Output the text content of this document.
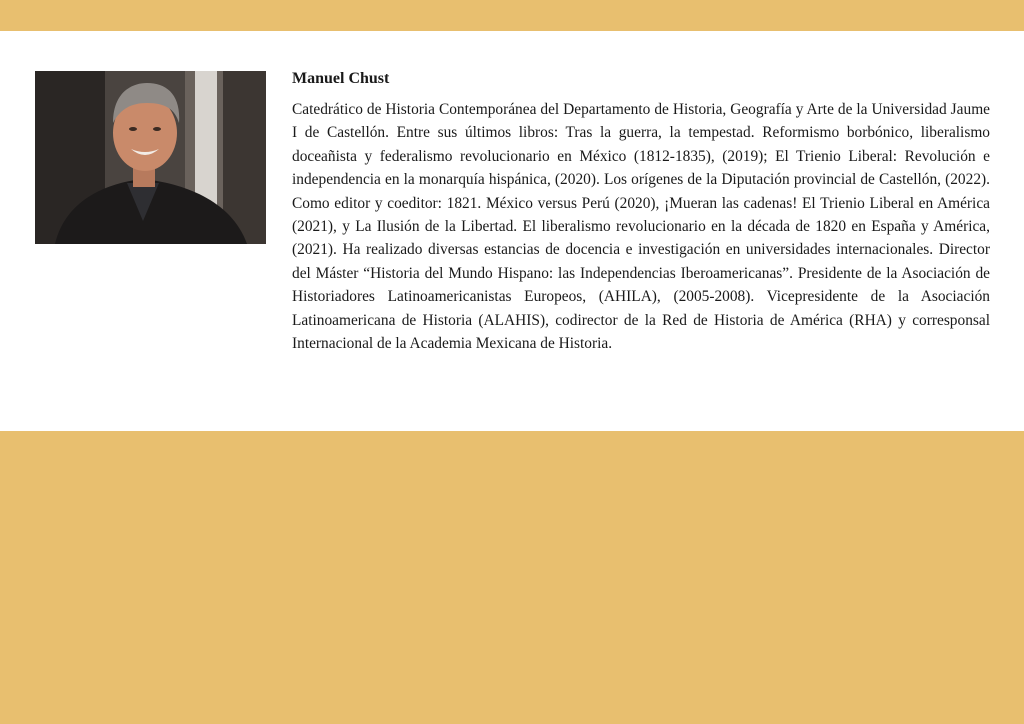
Manuel Chust

Catedrático de Historia Contemporánea del Departamento de Historia, Geografía y Arte de la Universidad Jaume I de Castellón. Entre sus últimos libros: Tras la guerra, la tempestad. Reformismo borbónico, liberalismo doceañista y federalismo revolucionario en México (1812-1835), (2019); El Trienio Liberal: Revolución e independencia en la monarquía hispánica, (2020). Los orígenes de la Diputación provincial de Castellón, (2022). Como editor y coeditor: 1821. México versus Perú (2020), ¡Mueran las cadenas! El Trienio Liberal en América (2021), y La Ilusión de la Libertad. El liberalismo revolucionario en la década de 1820 en España y América, (2021). Ha realizado diversas estancias de docencia e investigación en universidades internacionales. Director del Máster “Historia del Mundo Hispano: las Independencias Iberoamericanas”. Presidente de la Asociación de Historiadores Latinoamericanistas Europeos, (AHILA), (2005-2008). Vicepresidente de la Asociación Latinoamericana de Historia (ALAHIS), codirector de la Red de Historia de América (RHA) y corresponsal Internacional de la Academia Mexicana de Historia.
